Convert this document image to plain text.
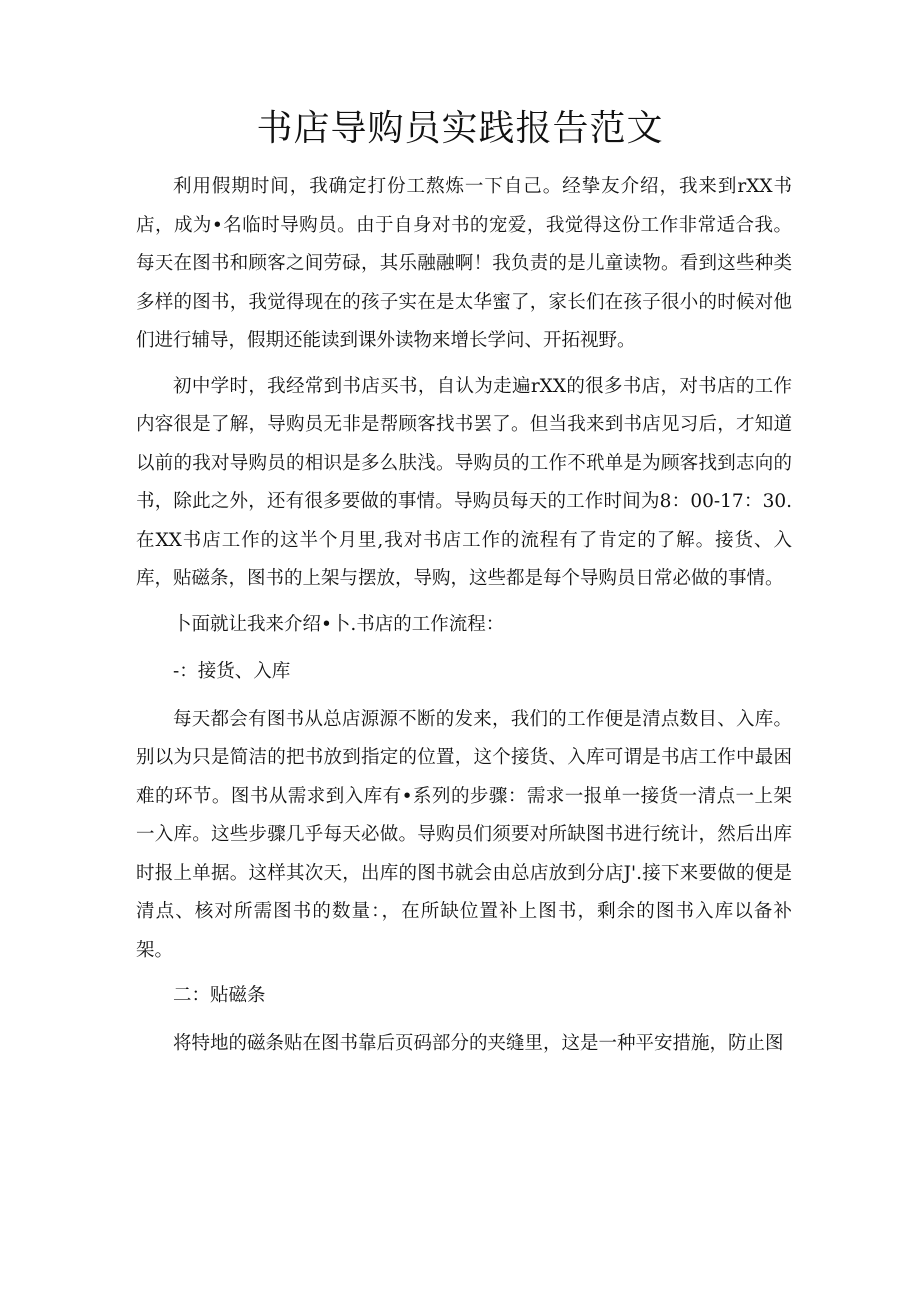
书店导购员实践报告范文

利用假期时间，我确定打份工熬炼一下自己。经挚友介绍，我来到rXX书店，成为•名临时导购员。由于自身对书的宠爱，我觉得这份工作非常适合我。每天在图书和顾客之间劳碌，其乐融融啊！我负责的是儿童读物。看到这些种类多样的图书，我觉得现在的孩子实在是太华蜜了，家长们在孩子很小的时候对他们进行辅导，假期还能读到课外读物来增长学问、开拓视野。

初中学时，我经常到书店买书，自认为走遍rXX的很多书店，对书店的工作内容很是了解，导购员无非是帮顾客找书罢了。但当我来到书店见习后，才知道以前的我对导购员的相识是多么肤浅。导购员的工作不玳单是为顾客找到志向的书，除此之外，还有很多要做的事情。导购员每天的工作时间为8：00-17：30.在XX书店工作的这半个月里,我对书店工作的流程有了肯定的了解。接货、入库，贴磁条，图书的上架与摆放，导购，这些都是每个导购员日常必做的事情。

卜面就让我来介绍•卜.书店的工作流程：

-：接货、入库

每天都会有图书从总店源源不断的发来，我们的工作便是清点数目、入库。别以为只是简洁的把书放到指定的位置，这个接货、入库可谓是书店工作中最困难的环节。图书从需求到入库有•系列的步骤：需求一报单一接货一清点一上架一入库。这些步骤几乎每天必做。导购员们须要对所缺图书进行统计，然后出库时报上单据。这样其次天，出库的图书就会由总店放到分店J'.接下来要做的便是清点、核对所需图书的数量：，在所缺位置补上图书，剩余的图书入库以备补架。

二：贴磁条

将特地的磁条贴在图书靠后页码部分的夹缝里，这是一种平安措施，防止图
